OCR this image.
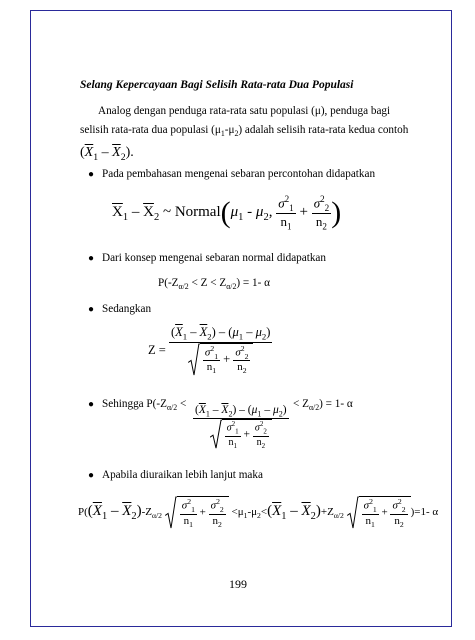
Selang Kepercayaan Bagi Selisih Rata-rata Dua Populasi
Analog dengan penduga rata-rata satu populasi (μ), penduga bagi
selisih rata-rata dua populasi $(\mu_1-\mu_2)$ adalah selisih rata-rata kedua contoh
$(\overline{X}_1 - \overline{X}_2)$.
● Pada pembahasan mengenai sebaran percontohan didapatkan
$\overline{X}_1 - \overline{X}_2$ ~ $Normal(\mu_1 - \mu_2$, $\frac{\sigma^2_1}{n_1} + \frac{\sigma^2_2}{n_2}$ )
● Dari konsep mengenai sebaran normal didapatkan
$P(-Z_{\alpha/2} < Z < Z_{\alpha/2}) = 1-$ α
● Sedangkan
$Z = \frac{(\overline{X}_1 - \overline{X}_2) - (\mu_1 - \mu_2)}{\frac{\sigma^2_1}{n_1} + \frac{\sigma^2_2}{n_2}}$
● Sehingga $P(-Z_{\alpha/2}$ <	< $Z_{\alpha/2}) = 1-$ α
$\frac{(\overline{X}_1 - \overline{X}_2) - (\mu_1 - \mu_2)}{\frac{\sigma^2_1}{n_1} + \frac{\sigma^2_2}{n_2}}$
● Apabila diuraikan lebih lanjut maka
$P((\overline{X}_1 - \overline{X}_2)-Z_{\alpha/2} \frac{\sigma^2_1}{n_1} + \frac{\sigma^2_2}{n_2} <\mu_1-\mu_2<(\overline{X}_1 - \overline{X}_2)+Z_{\alpha/2} \frac{\sigma^2_1}{n_1} + \frac{\sigma^2_2}{n_2} )=1-$ α
199
